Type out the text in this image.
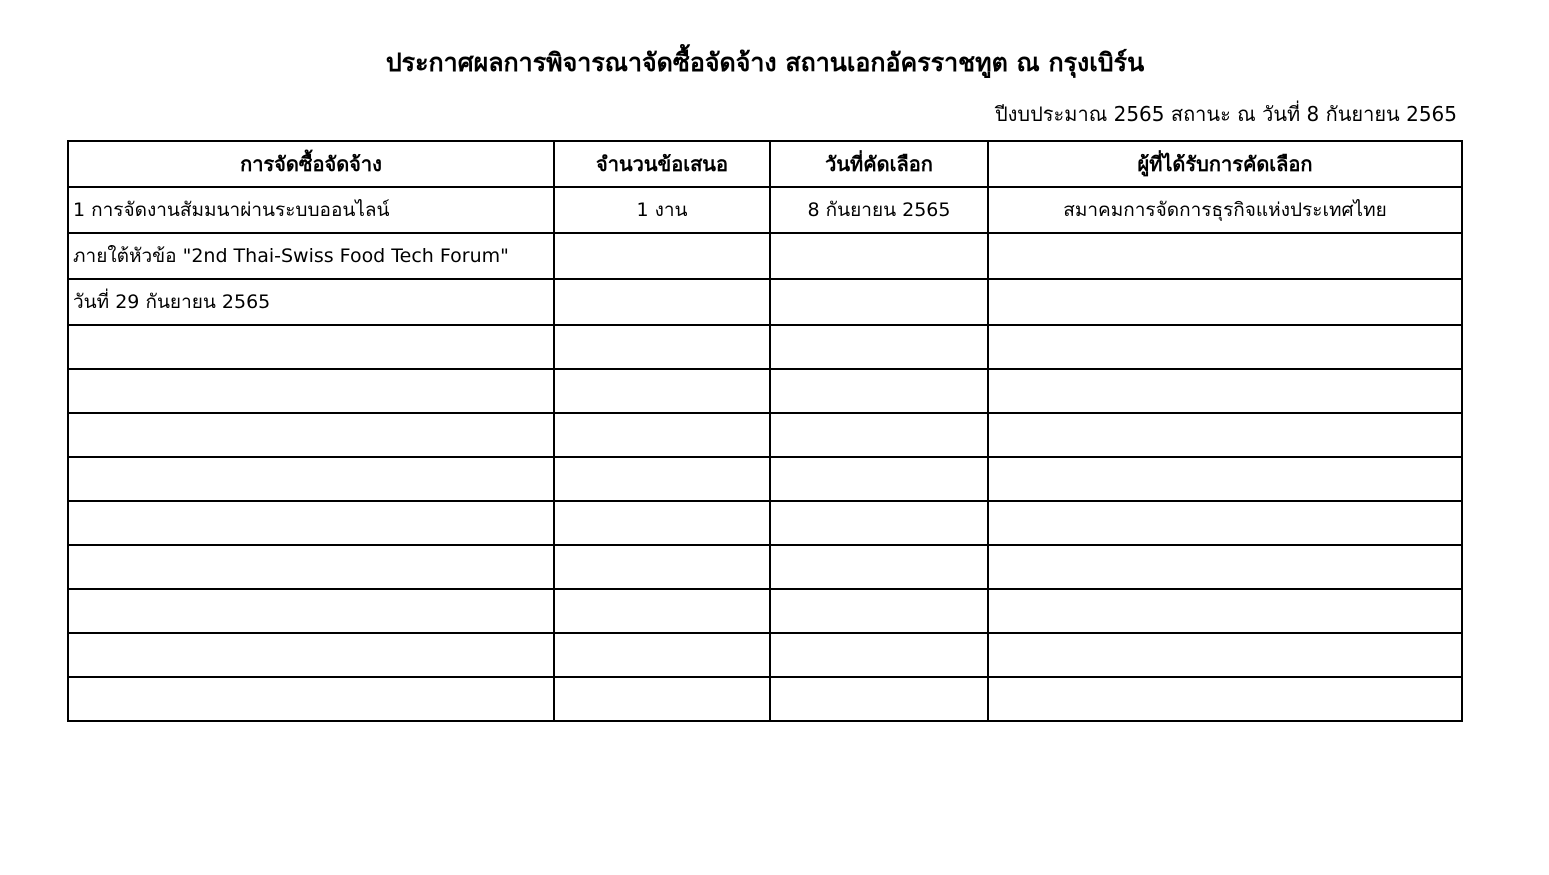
ประกาศผลการพิจารณาจัดซื้อจัดจ้าง สถานเอกอัครราชทูต ณ กรุงเบิร์น
ปีงบประมาณ 2565 สถานะ ณ วันที่ 8 กันยายน 2565
การจัดซื้อจัดจ้าง	จำนวนข้อเสนอ	วันที่คัดเลือก	ผู้ที่ได้รับการคัดเลือก
1 การจัดงานสัมมนาผ่านระบบออนไลน์	1 งาน	8 กันยายน 2565	สมาคมการจัดการธุรกิจแห่งประเทศไทย
ภายใต้หัวข้อ "2nd Thai-Swiss Food Tech Forum"			
วันที่ 29 กันยายน 2565			
